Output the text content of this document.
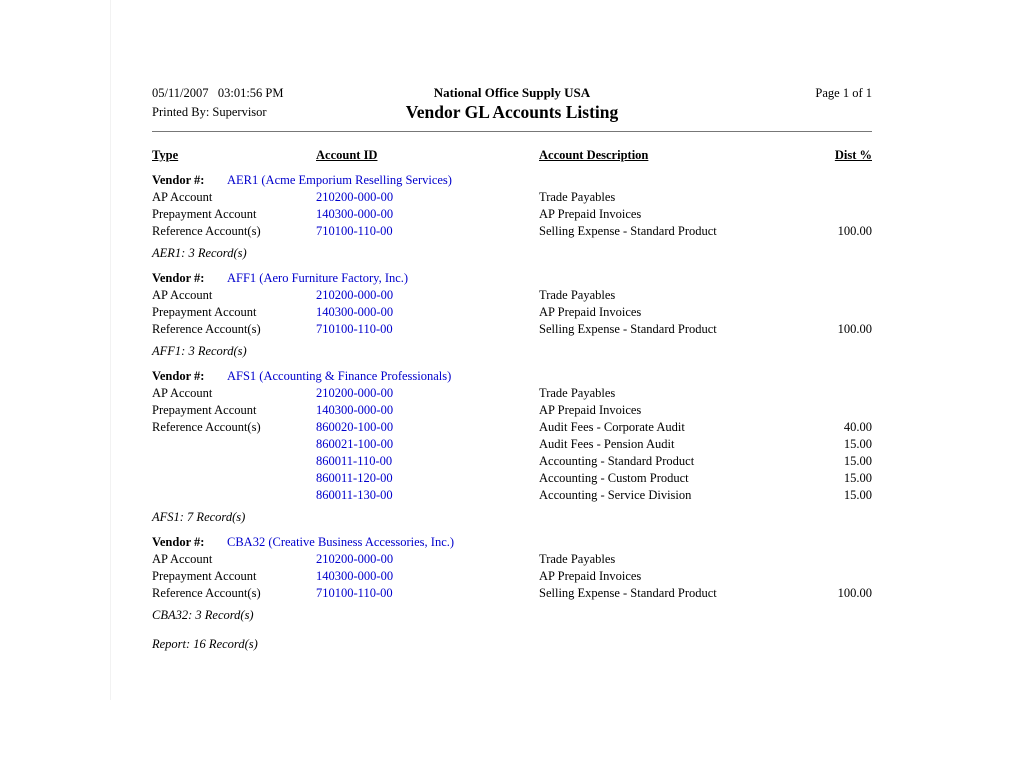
05/11/2007   03:01:56 PM
Printed By: Supervisor
National Office Supply USA
Vendor GL Accounts Listing
Page 1 of 1
Type	Account ID	Account Description	Dist %
Vendor #:	AER1 (Acme Emporium Reselling Services)
AP Account	210200-000-00	Trade Payables
Prepayment Account	140300-000-00	AP Prepaid Invoices
Reference Account(s)	710100-110-00	Selling Expense - Standard Product	100.00
AER1: 3 Record(s)
Vendor #:	AFF1 (Aero Furniture Factory, Inc.)
AP Account	210200-000-00	Trade Payables
Prepayment Account	140300-000-00	AP Prepaid Invoices
Reference Account(s)	710100-110-00	Selling Expense - Standard Product	100.00
AFF1: 3 Record(s)
Vendor #:	AFS1 (Accounting & Finance Professionals)
AP Account	210200-000-00	Trade Payables
Prepayment Account	140300-000-00	AP Prepaid Invoices
Reference Account(s)	860020-100-00	Audit Fees - Corporate Audit	40.00
860021-100-00	Audit Fees - Pension Audit	15.00
860011-110-00	Accounting - Standard Product	15.00
860011-120-00	Accounting - Custom Product	15.00
860011-130-00	Accounting - Service Division	15.00
AFS1: 7 Record(s)
Vendor #:	CBA32 (Creative Business Accessories, Inc.)
AP Account	210200-000-00	Trade Payables
Prepayment Account	140300-000-00	AP Prepaid Invoices
Reference Account(s)	710100-110-00	Selling Expense - Standard Product	100.00
CBA32: 3 Record(s)
Report: 16 Record(s)
